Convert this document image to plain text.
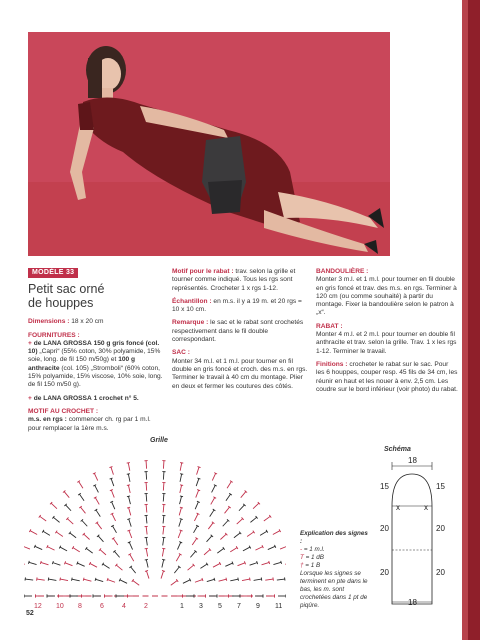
MODÈLE 33
Petit sac orné
de houppes

Dimensions : 18 x 20 cm

FOURNITURES :

+ de LANA GROSSA 150 g gris foncé (col. 10) „Capri“ (55% coton, 30% polyamide, 15% soie, long. de fil 150 m/50g) et 100 g anthracite (col. 105) „Stromboli“ (60% coton, 15% polyamide, 15% viscose, 10% soie, long. de fil 150 m/50 g).

+ de LANA GROSSA 1 crochet n° 5.

MOTIF AU CROCHET :

m.s. en rgs : commencer ch. rg par 1 m.l. pour remplacer la 1ère m.s.

Motif pour le rabat : trav. selon la grille et tourner comme indiqué. Tous les rgs sont représentés. Crocheter 1 x rgs 1-12.

Échantillon : en m.s. il y a 19 m. et 20 rgs = 10 x 10 cm.

Remarque : le sac et le rabat sont crochetés respectivement dans le fil double correspondant.

SAC :

Monter 34 m.l. et 1 m.l. pour tourner en fil double en gris foncé et croch. des m.s. en rgs. Terminer le travail à 40 cm du montage. Plier en deux et fermer les coutures des côtés.

BANDOULIÈRE :

Monter 3 m.l. et 1 m.l. pour tourner en fil double en gris foncé et trav. des m.s. en rgs. Terminer à 120 cm (ou comme souhaité) à partir du montage. Fixer la bandoulière selon le patron à „x“.

RABAT :

Monter 4 m.l. et 2 m.l. pour tourner en double fil anthracite et trav. selon la grille. Trav. 1 x les rgs 1-12. Terminer le travail.

Finitions : crocheter le rabat sur le sac. Pour les 6 houppes, couper resp. 45 fils de 34 cm, les réunir en haut et les nouer à env. 2,5 cm. Les coudre sur le bord inférieur (voir photo) du rabat.

Grille
12 10 8	6	4	2	1 3 5 7 9 11
Schéma
18
15	15
x	x
20	20
20	20
18
Explication des signes :
- = 1 m.l.
T = 1 dB
† = 1 B
Lorsque les signes se terminent en pte dans le bas, les m. sont crochetées dans 1 pt de piqûre.
52
